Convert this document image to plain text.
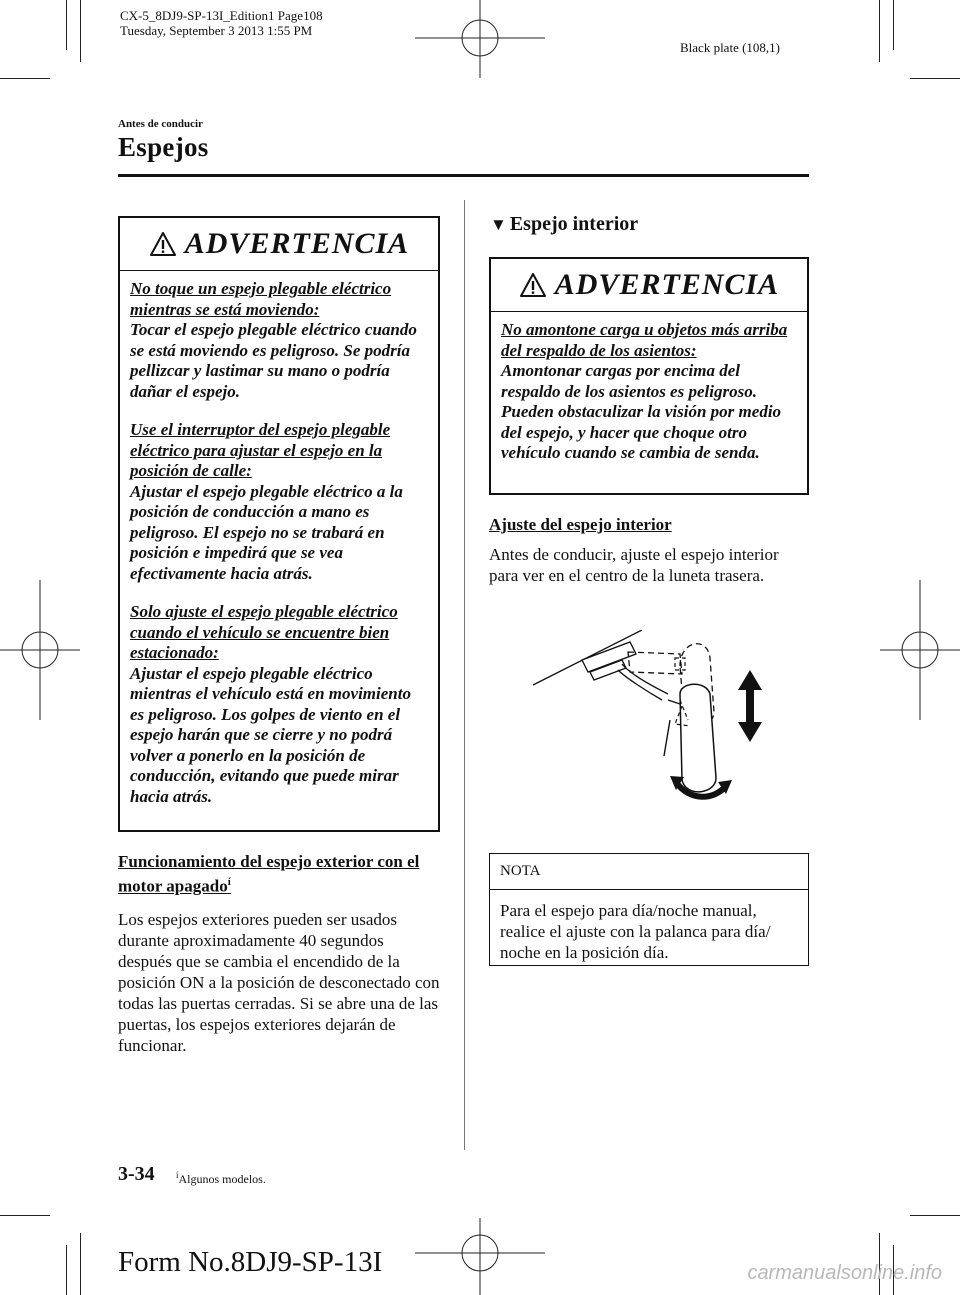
CX-5_8DJ9-SP-13I_Edition1 Page108
Tuesday, September 3 2013 1:55 PM
Black plate (108,1)
Antes de conducir
Espejos
ADVERTENCIA

No toque un espejo plegable eléctrico mientras se está moviendo:
Tocar el espejo plegable eléctrico cuando se está moviendo es peligroso. Se podría pellizcar y lastimar su mano o podría dañar el espejo.

Use el interruptor del espejo plegable eléctrico para ajustar el espejo en la posición de calle:
Ajustar el espejo plegable eléctrico a la posición de conducción a mano es peligroso. El espejo no se trabará en posición e impedirá que se vea efectivamente hacia atrás.

Solo ajuste el espejo plegable eléctrico cuando el vehículo se encuentre bien estacionado:
Ajustar el espejo plegable eléctrico mientras el vehículo está en movimiento es peligroso. Los golpes de viento en el espejo harán que se cierre y no podrá volver a ponerlo en la posición de conducción, evitando que puede mirar hacia atrás.

Funcionamiento del espejo exterior con el motor apagado$^í$
Los espejos exteriores pueden ser usados durante aproximadamente 40 segundos después que se cambia el encendido de la posición ON a la posición de desconectado con todas las puertas cerradas. Si se abre una de las puertas, los espejos exteriores dejarán de funcionar.
▼ Espejo interior
ADVERTENCIA

No amontone carga u objetos más arriba del respaldo de los asientos:
Amontonar cargas por encima del respaldo de los asientos es peligroso. Pueden obstaculizar la visión por medio del espejo, y hacer que choque otro vehículo cuando se cambia de senda.

Ajuste del espejo interior
Antes de conducir, ajuste el espejo interior para ver en el centro de la luneta trasera.
NOTA
Para el espejo para día/noche manual, realice el ajuste con la palanca para día/ noche en la posición día.
3-34 $^í$Algunos modelos.
Form No.8DJ9-SP-13I	carmanualsonline.info
